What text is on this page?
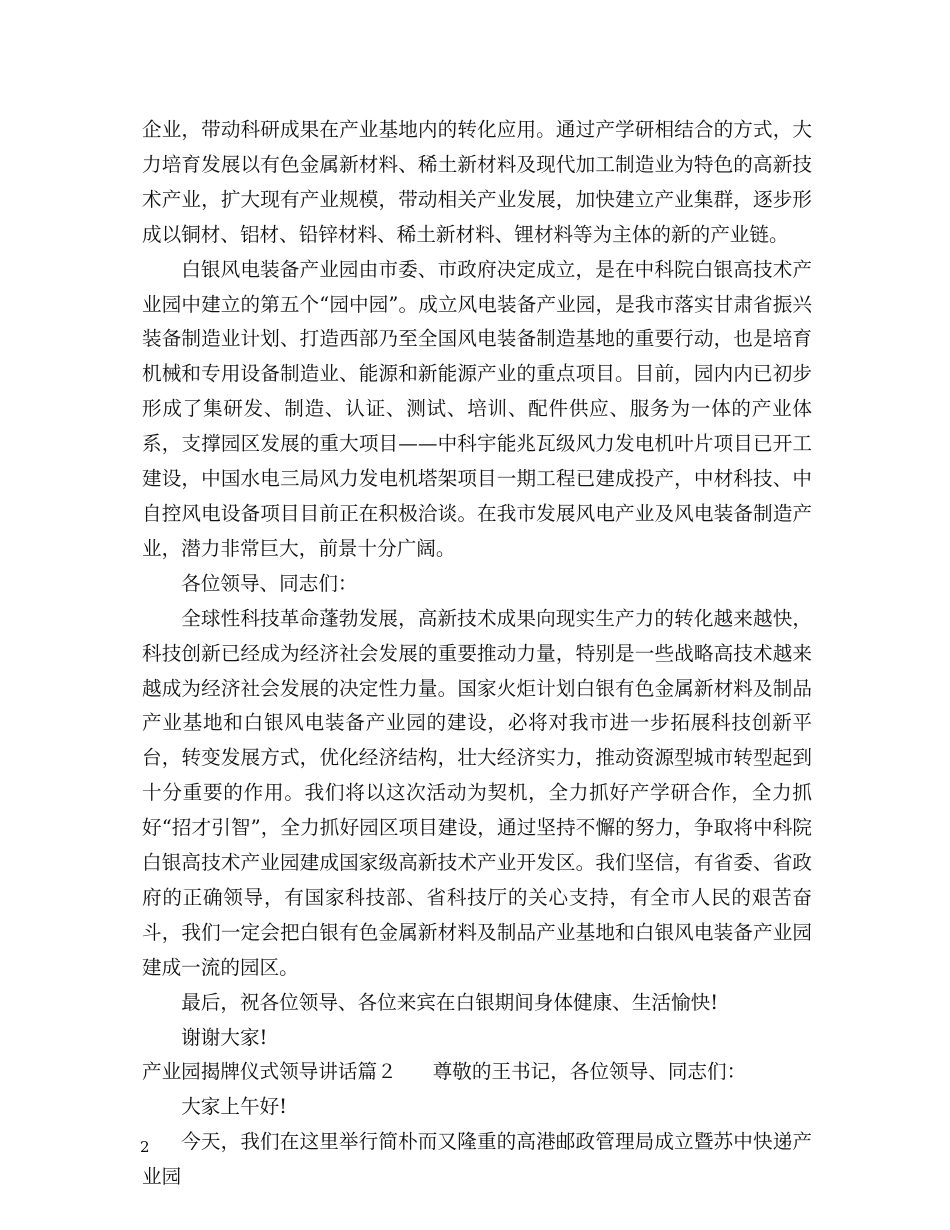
企业，带动科研成果在产业基地内的转化应用。通过产学研相结合的方式，大力培育发展以有色金属新材料、稀土新材料及现代加工制造业为特色的高新技术产业，扩大现有产业规模，带动相关产业发展，加快建立产业集群，逐步形成以铜材、铝材、铅锌材料、稀土新材料、锂材料等为主体的新的产业链。

白银风电装备产业园由市委、市政府决定成立，是在中科院白银高技术产业园中建立的第五个“园中园”。成立风电装备产业园，是我市落实甘肃省振兴装备制造业计划、打造西部乃至全国风电装备制造基地的重要行动，也是培育机械和专用设备制造业、能源和新能源产业的重点项目。目前，园内内已初步形成了集研发、制造、认证、测试、培训、配件供应、服务为一体的产业体系，支撑园区发展的重大项目——中科宇能兆瓦级风力发电机叶片项目已开工建设，中国水电三局风力发电机塔架项目一期工程已建成投产，中材科技、中自控风电设备项目目前正在积极洽谈。在我市发展风电产业及风电装备制造产业，潜力非常巨大，前景十分广阔。

各位领导、同志们：

全球性科技革命蓬勃发展，高新技术成果向现实生产力的转化越来越快，科技创新已经成为经济社会发展的重要推动力量，特别是一些战略高技术越来越成为经济社会发展的决定性力量。国家火炬计划白银有色金属新材料及制品产业基地和白银风电装备产业园的建设，必将对我市进一步拓展科技创新平台，转变发展方式，优化经济结构，壮大经济实力，推动资源型城市转型起到十分重要的作用。我们将以这次活动为契机，全力抓好产学研合作，全力抓好“招才引智”，全力抓好园区项目建设，通过坚持不懈的努力，争取将中科院白银高技术产业园建成国家级高新技术产业开发区。我们坚信，有省委、省政府的正确领导，有国家科技部、省科技厅的关心支持，有全市人民的艰苦奋斗，我们一定会把白银有色金属新材料及制品产业基地和白银风电装备产业园建成一流的园区。

最后，祝各位领导、各位来宾在白银期间身体健康、生活愉快!

谢谢大家!

产业园揭牌仪式领导讲话篇２ 尊敬的王书记，各位领导、同志们：

大家上午好!

今天，我们在这里举行简朴而又隆重的高港邮政管理局成立暨苏中快递产业园

2
